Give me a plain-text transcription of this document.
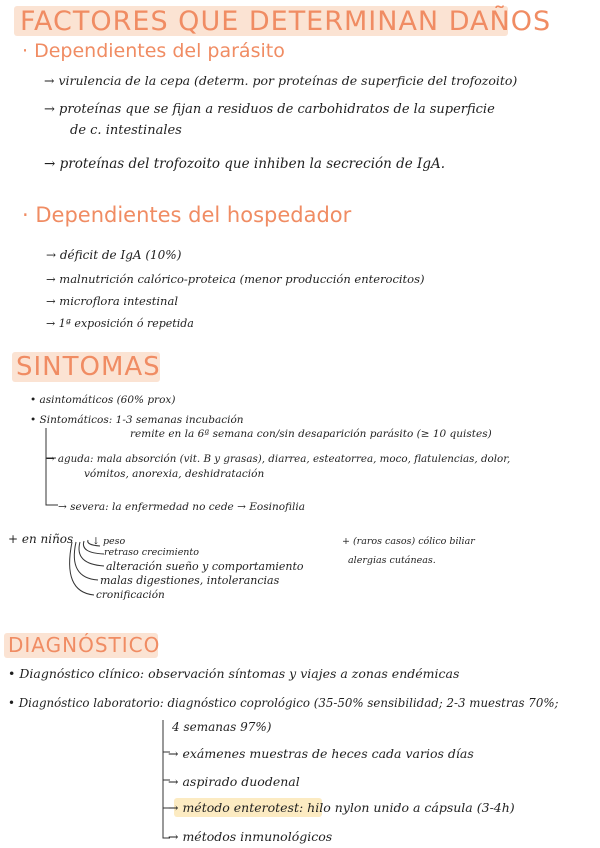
FACTORES QUE DETERMINAN DAÑOS
· Dependientes del parásito
→ virulencia de la cepa (determ. por proteínas de superficie del trofozoito)
→ proteínas que se fijan a residuos de carbohidratos de la superficie
de c. intestinales
→ proteínas del trofozoito que inhiben la secreción de IgA.
· Dependientes del hospedador
→ déficit de IgA (10%)
→ malnutrición calórico-proteica (menor producción enterocitos)
→ microflora intestinal
→ 1ª exposición ó repetida
SINTOMAS
• asintomáticos (60% prox)
• Sintomáticos: 1-3 semanas incubación
remite en la 6ª semana con/sin desaparición parásito (≥ 10 quistes)
→ aguda: mala absorción (vit. B y grasas), diarrea, esteatorrea, moco, flatulencias, dolor,
vómitos, anorexia, deshidratación
→ severa: la enfermedad no cede → Eosinofilia
+ en niños ↓ peso
retraso crecimiento
alteración sueño y comportamiento
malas digestiones, intolerancias
cronificación
+ (raros casos) cólico biliar
alergias cutáneas.
DIAGNÓSTICO
• Diagnóstico clínico: observación síntomas y viajes a zonas endémicas
• Diagnóstico laboratorio: diagnóstico coprológico (35-50% sensibilidad; 2-3 muestras 70%;
4 semanas 97%)
→ exámenes muestras de heces cada varios días
→ aspirado duodenal
→ método enterotest: hilo nylon unido a cápsula (3-4h)
→ métodos inmunológicos
